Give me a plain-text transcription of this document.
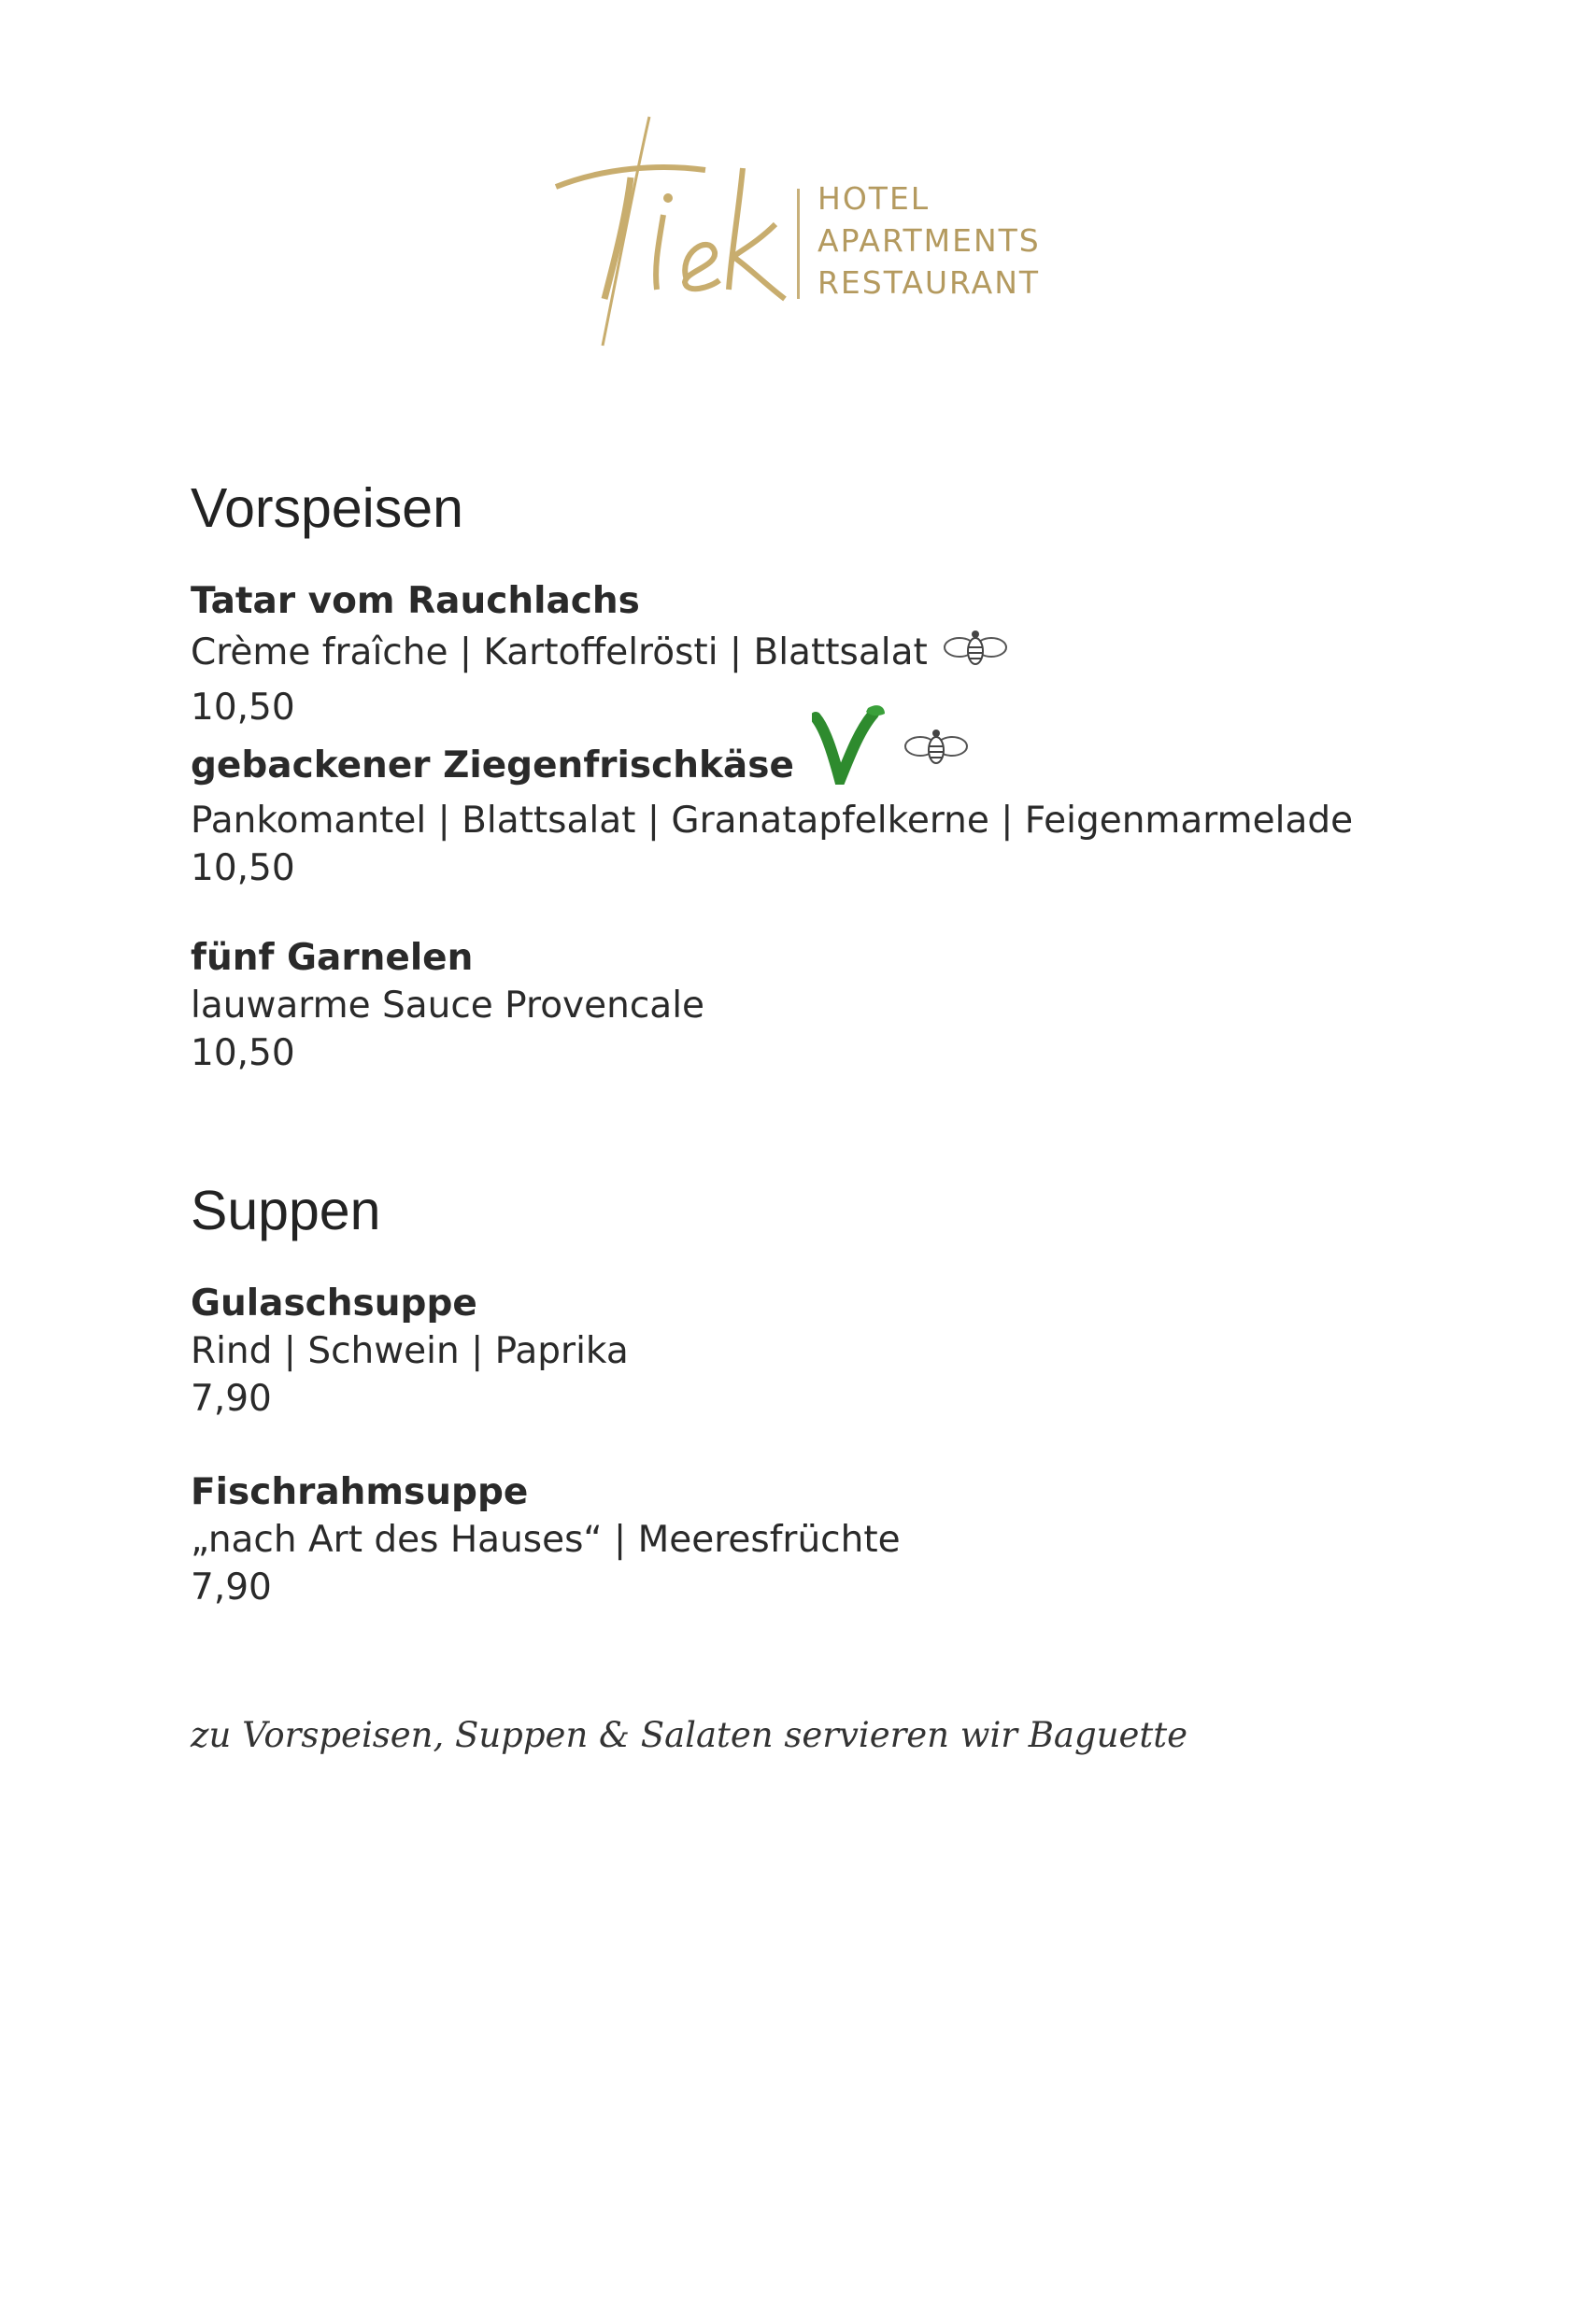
HOTEL
APARTMENTS
RESTAURANT
Vorspeisen
Tatar vom Rauchlachs
Crème fraîche | Kartoffelrösti | Blattsalat
10,50
gebackener Ziegenfrischkäse
Pankomantel | Blattsalat | Granatapfelkerne | Feigenmarmelade
10,50
fünf Garnelen
lauwarme Sauce Provencale
10,50
Suppen
Gulaschsuppe
Rind | Schwein | Paprika
7,90
Fischrahmsuppe
„nach Art des Hauses“ | Meeresfrüchte
7,90
zu Vorspeisen, Suppen & Salaten servieren wir Baguette
